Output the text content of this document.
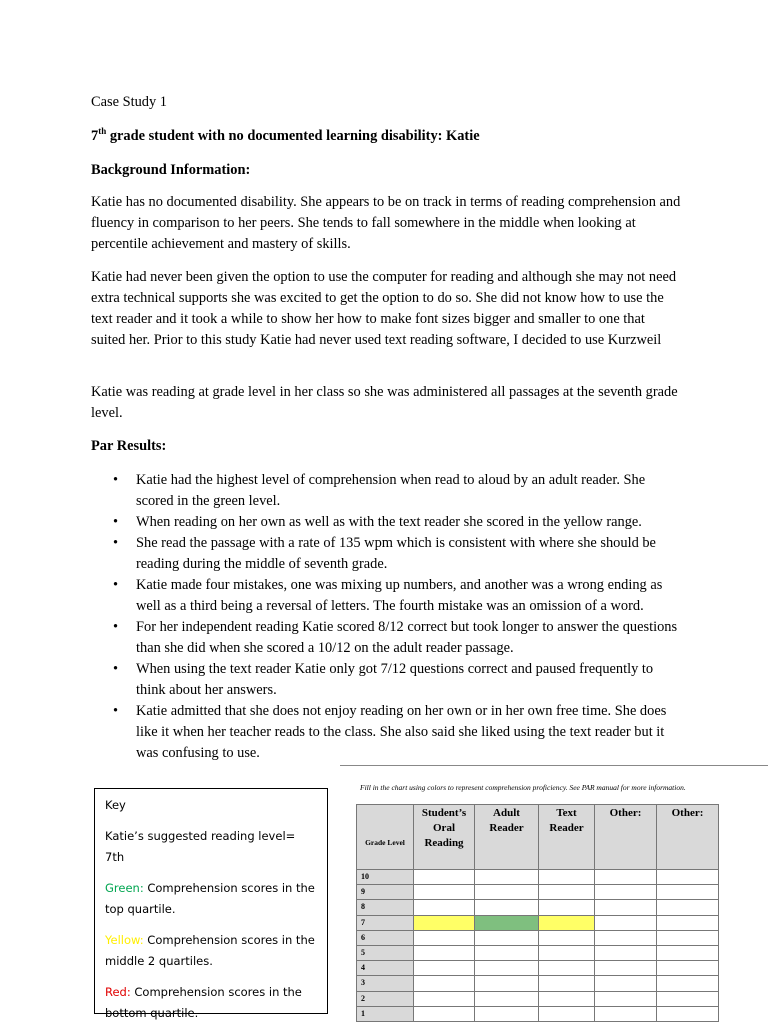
Case Study 1
7th grade student with no documented learning disability: Katie
Background Information:
Katie has no documented disability. She appears to be on track in terms of reading comprehension and fluency in comparison to her peers. She tends to fall somewhere in the middle when looking at percentile achievement and mastery of skills.
Katie had never been given the option to use the computer for reading and although she may not need extra technical supports she was excited to get the option to do so. She did not know how to use the text reader and it took a while to show her how to make font sizes bigger and smaller to one that suited her. Prior to this study Katie had never used text reading software, I decided to use Kurzweil
Katie was reading at grade level in her class so she was administered all passages at the seventh grade level.
Par Results:
• Katie had the highest level of comprehension when read to aloud by an adult reader. She scored in the green level.
• When reading on her own as well as with the text reader she scored in the yellow range.
• She read the passage with a rate of 135 wpm which is consistent with where she should be reading during the middle of seventh grade.
• Katie made four mistakes, one was mixing up numbers, and another was a wrong ending as well as a third being a reversal of letters. The fourth mistake was an omission of a word.
• For her independent reading Katie scored 8/12 correct but took longer to answer the questions than she did when she scored a 10/12 on the adult reader passage.
• When using the text reader Katie only got 7/12 questions correct and paused frequently to think about her answers.
• Katie admitted that she does not enjoy reading on her own or in her own free time. She does like it when her teacher reads to the class. She also said she liked using the text reader but it was confusing to use.
Key
Katie’s suggested reading level= 7th
Green: Comprehension scores in the top quartile.
Yellow: Comprehension scores in the middle 2 quartiles.
Red: Comprehension scores in the bottom quartile.
Fill in the chart using colors to represent comprehension proficiency. See PAR manual for more information.
Grade Level	Student’s Oral Reading	Adult Reader	Text Reader	Other:	Other:
10					
9					
8					
7					
6					
5					
4					
3					
2					
1					
